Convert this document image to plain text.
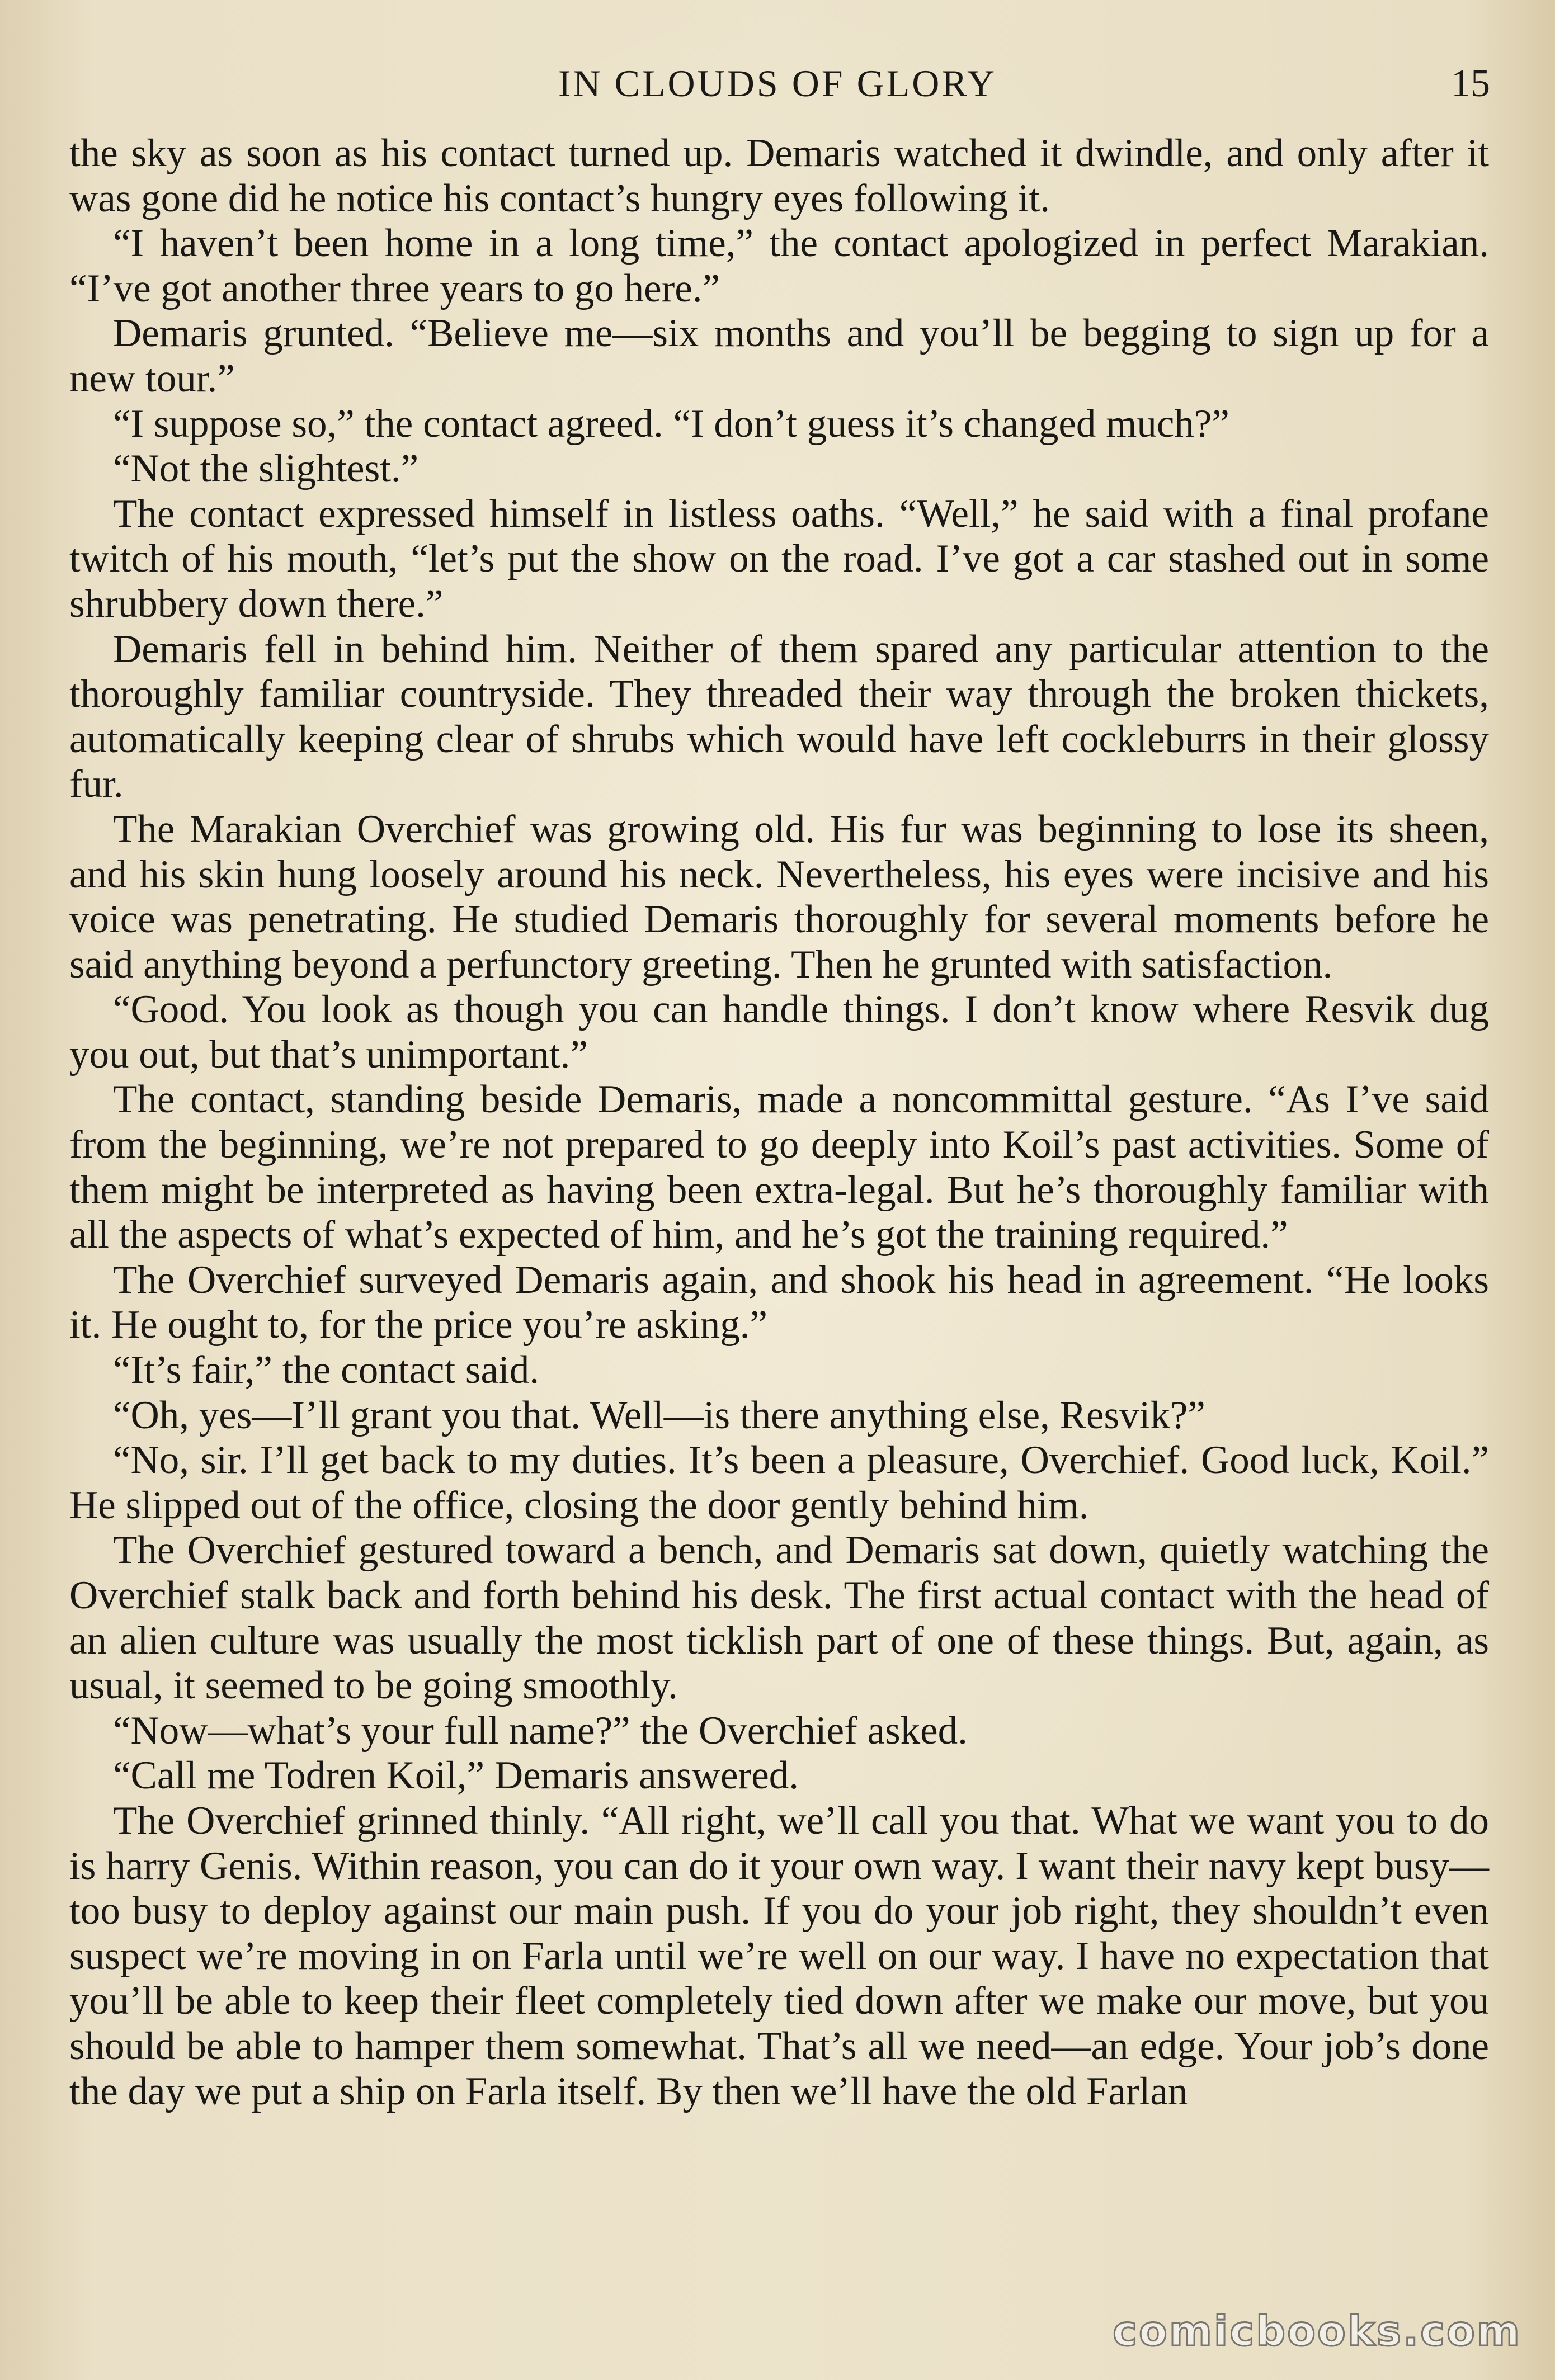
IN CLOUDS OF GLORY	15

the sky as soon as his contact turned up. Demaris watched it dwindle, and only after it was gone did he notice his contact’s hungry eyes following it.

“I haven’t been home in a long time,” the contact apologized in perfect Marakian. “I’ve got another three years to go here.”

Demaris grunted. “Believe me—six months and you’ll be begging to sign up for a new tour.”

“I suppose so,” the contact agreed. “I don’t guess it’s changed much?”

“Not the slightest.”

The contact expressed himself in listless oaths. “Well,” he said with a final profane twitch of his mouth, “let’s put the show on the road. I’ve got a car stashed out in some shrubbery down there.”

Demaris fell in behind him. Neither of them spared any particular attention to the thoroughly familiar countryside. They threaded their way through the broken thickets, automatically keeping clear of shrubs which would have left cockleburrs in their glossy fur.

The Marakian Overchief was growing old. His fur was beginning to lose its sheen, and his skin hung loosely around his neck. Nevertheless, his eyes were incisive and his voice was penetrating. He studied Demaris thoroughly for several moments before he said anything beyond a perfunctory greeting. Then he grunted with satisfaction.

“Good. You look as though you can handle things. I don’t know where Resvik dug you out, but that’s unimportant.”

The contact, standing beside Demaris, made a noncommittal gesture. “As I’ve said from the beginning, we’re not prepared to go deeply into Koil’s past activities. Some of them might be interpreted as having been extra-legal. But he’s thoroughly familiar with all the aspects of what’s expected of him, and he’s got the training required.”

The Overchief surveyed Demaris again, and shook his head in agreement. “He looks it. He ought to, for the price you’re asking.”

“It’s fair,” the contact said.

“Oh, yes—I’ll grant you that. Well—is there anything else, Resvik?”

“No, sir. I’ll get back to my duties. It’s been a pleasure, Overchief. Good luck, Koil.” He slipped out of the office, closing the door gently behind him.

The Overchief gestured toward a bench, and Demaris sat down, quietly watching the Overchief stalk back and forth behind his desk. The first actual contact with the head of an alien culture was usually the most ticklish part of one of these things. But, again, as usual, it seemed to be going smoothly.

“Now—what’s your full name?” the Overchief asked.

“Call me Todren Koil,” Demaris answered.

The Overchief grinned thinly. “All right, we’ll call you that. What we want you to do is harry Genis. Within reason, you can do it your own way. I want their navy kept busy—too busy to deploy against our main push. If you do your job right, they shouldn’t even suspect we’re moving in on Farla until we’re well on our way. I have no expectation that you’ll be able to keep their fleet completely tied down after we make our move, but you should be able to hamper them somewhat. That’s all we need—an edge. Your job’s done the day we put a ship on Farla itself. By then we’ll have the old Farlan

comicbooks.com
